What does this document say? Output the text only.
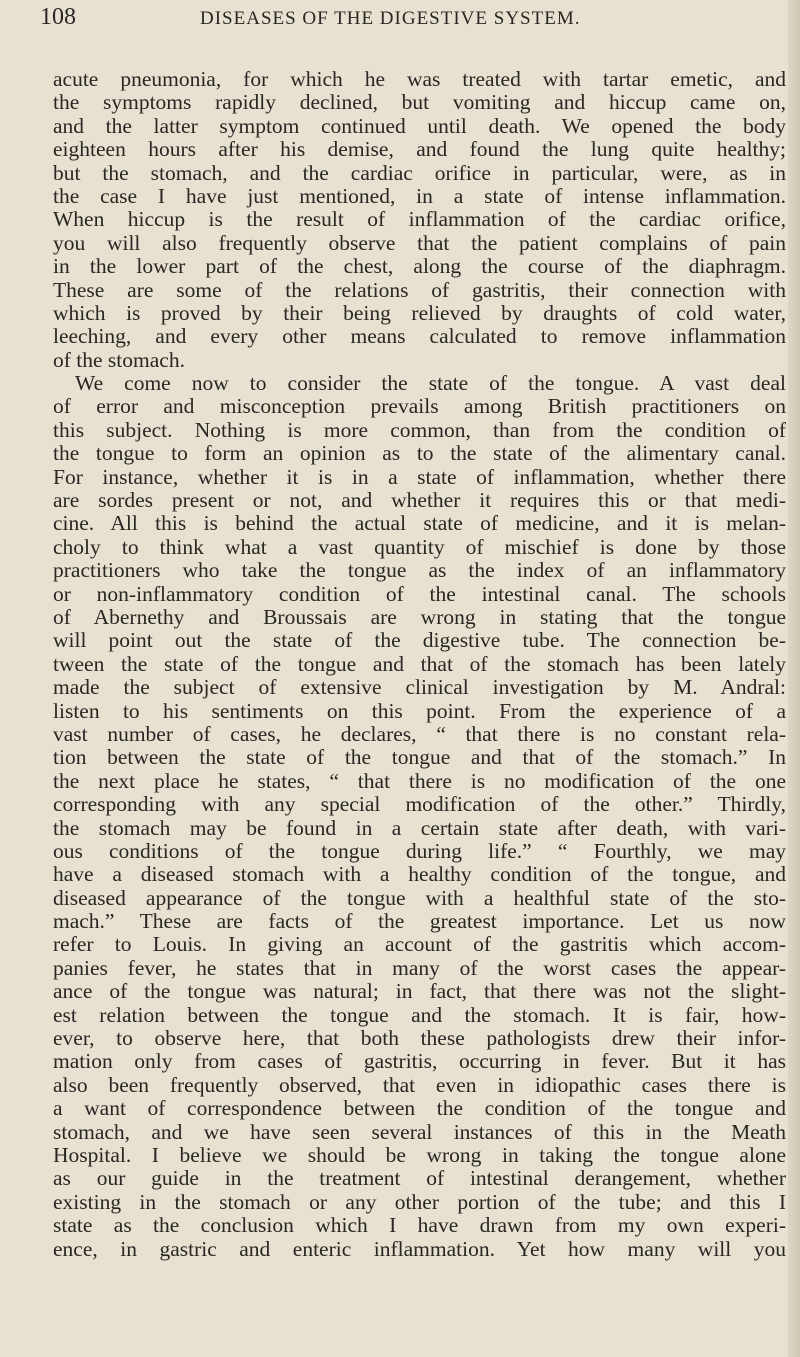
108	DISEASES OF THE DIGESTIVE SYSTEM.
acute pneumonia, for which he was treated with tartar emetic, and
the symptoms rapidly declined, but vomiting and hiccup came on,
and the latter symptom continued until death. We opened the body
eighteen hours after his demise, and found the lung quite healthy;
but the stomach, and the cardiac orifice in particular, were, as in
the case I have just mentioned, in a state of intense inflammation.
When hiccup is the result of inflammation of the cardiac orifice,
you will also frequently observe that the patient complains of pain
in the lower part of the chest, along the course of the diaphragm.
These are some of the relations of gastritis, their connection with
which is proved by their being relieved by draughts of cold water,
leeching, and every other means calculated to remove inflammation
of the stomach.
We come now to consider the state of the tongue. A vast deal
of error and misconception prevails among British practitioners on
this subject. Nothing is more common, than from the condition of
the tongue to form an opinion as to the state of the alimentary canal.
For instance, whether it is in a state of inflammation, whether there
are sordes present or not, and whether it requires this or that medi-
cine. All this is behind the actual state of medicine, and it is melan-
choly to think what a vast quantity of mischief is done by those
practitioners who take the tongue as the index of an inflammatory
or non-inflammatory condition of the intestinal canal. The schools
of Abernethy and Broussais are wrong in stating that the tongue
will point out the state of the digestive tube. The connection be-
tween the state of the tongue and that of the stomach has been lately
made the subject of extensive clinical investigation by M. Andral:
listen to his sentiments on this point. From the experience of a
vast number of cases, he declares, “ that there is no constant rela-
tion between the state of the tongue and that of the stomach.” In
the next place he states, “ that there is no modification of the one
corresponding with any special modification of the other.” Thirdly,
the stomach may be found in a certain state after death, with vari-
ous conditions of the tongue during life.” “ Fourthly, we may
have a diseased stomach with a healthy condition of the tongue, and
diseased appearance of the tongue with a healthful state of the sto-
mach.” These are facts of the greatest importance. Let us now
refer to Louis. In giving an account of the gastritis which accom-
panies fever, he states that in many of the worst cases the appear-
ance of the tongue was natural; in fact, that there was not the slight-
est relation between the tongue and the stomach. It is fair, how-
ever, to observe here, that both these pathologists drew their infor-
mation only from cases of gastritis, occurring in fever. But it has
also been frequently observed, that even in idiopathic cases there is
a want of correspondence between the condition of the tongue and
stomach, and we have seen several instances of this in the Meath
Hospital. I believe we should be wrong in taking the tongue alone
as our guide in the treatment of intestinal derangement, whether
existing in the stomach or any other portion of the tube; and this I
state as the conclusion which I have drawn from my own experi-
ence, in gastric and enteric inflammation. Yet how many will you
